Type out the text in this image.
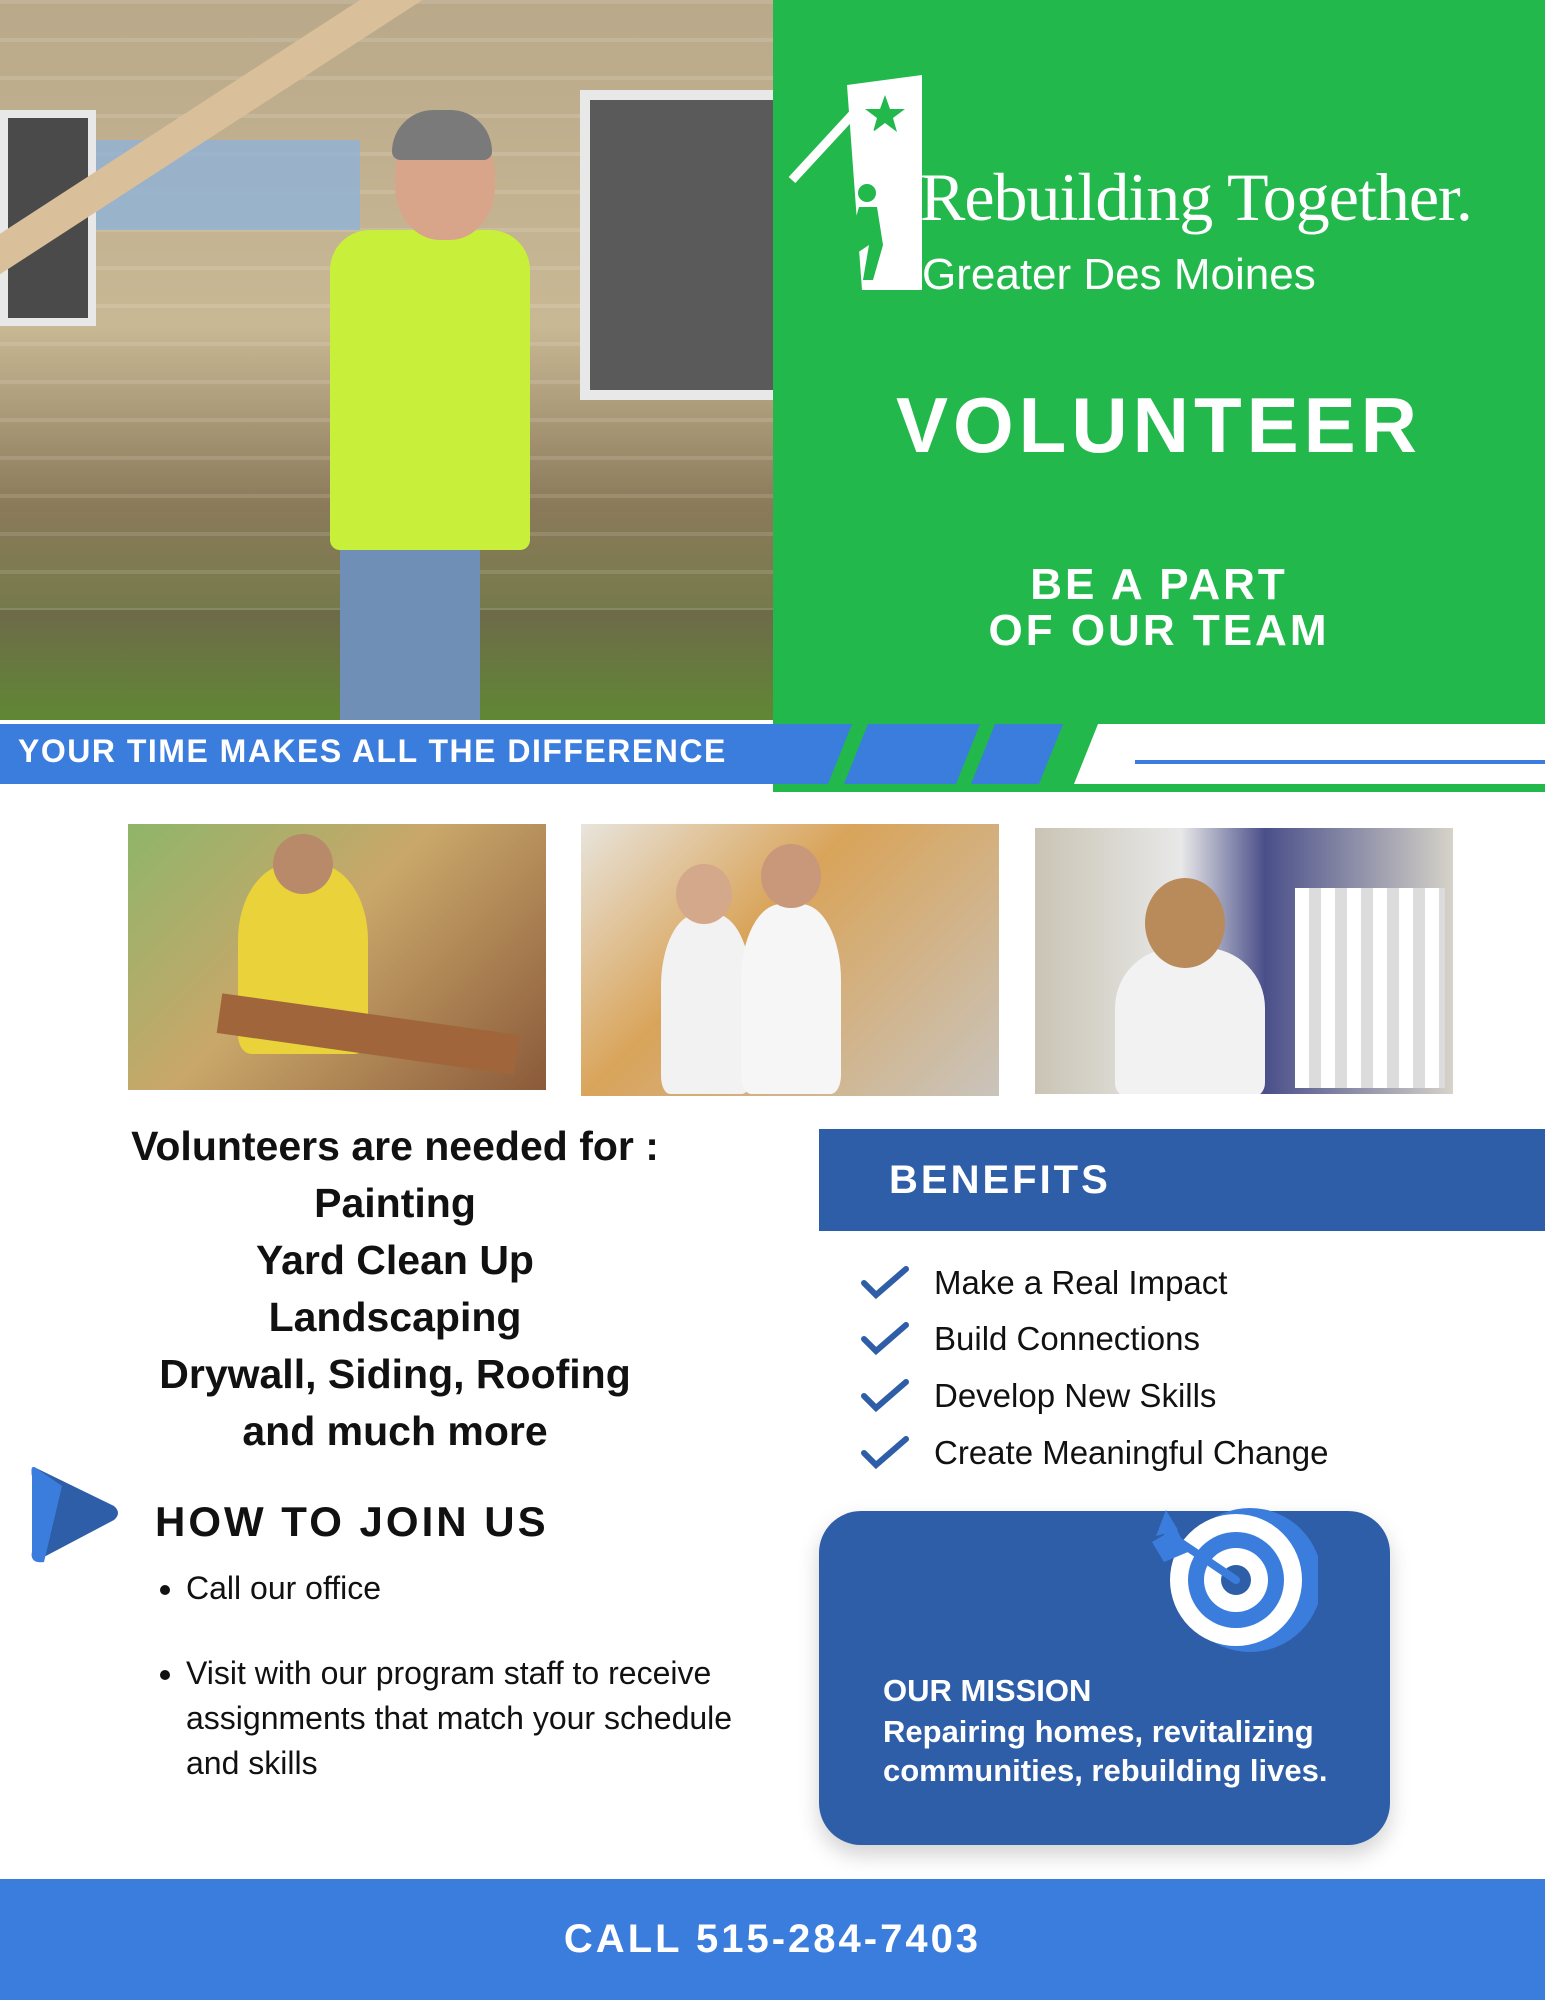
Rebuilding Together.
Greater Des Moines
VOLUNTEER
BE A PART
OF OUR TEAM
YOUR TIME MAKES ALL THE DIFFERENCE
Volunteers are needed for :
Painting
Yard Clean Up
Landscaping
Drywall, Siding, Roofing
and much more
BENEFITS
Make a Real Impact
Build Connections
Develop New Skills
Create Meaningful Change
HOW TO JOIN US
• Call our office
• Visit with our program staff to receive assignments that match your schedule and skills
OUR MISSION
Repairing homes, revitalizing communities, rebuilding lives.
CALL 515-284-7403
